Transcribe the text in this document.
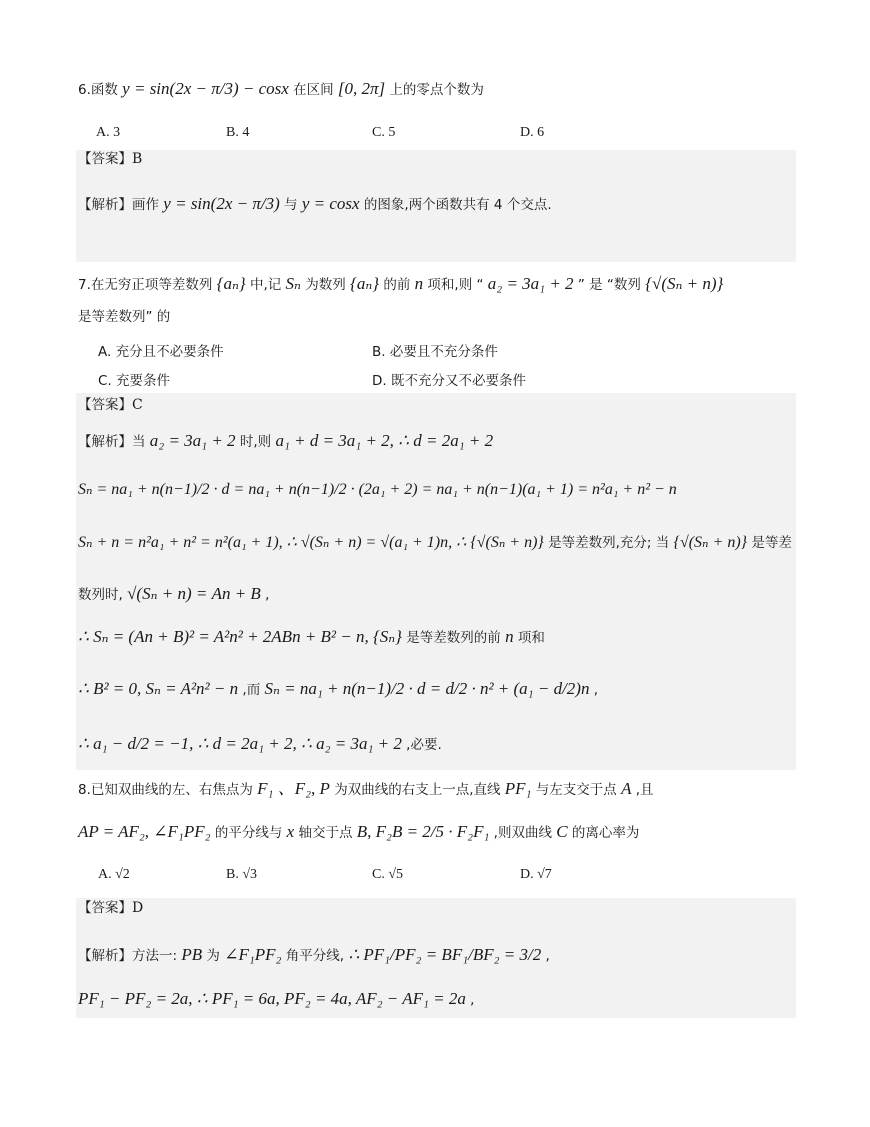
6.函数 y = sin(2x − π/3) − cosx 在区间 [0, 2π] 上的零点个数为
A. 3	B. 4	C. 5	D. 6
【答案】B
【解析】画作 y = sin(2x − π/3) 与 y = cosx 的图象,两个函数共有 4 个交点.
7.在无穷正项等差数列 {aₙ} 中,记 Sₙ 为数列 {aₙ} 的前 n 项和,则 “ a₂ = 3a₁ + 2 ” 是 “数列 {√(Sₙ + n)}
是等差数列” 的
A. 充分且不必要条件	B. 必要且不充分条件
C. 充要条件	D. 既不充分又不必要条件
【答案】C
【解析】当 a₂ = 3a₁ + 2 时,则 a₁ + d = 3a₁ + 2, ∴ d = 2a₁ + 2
Sₙ = na₁ + n(n−1)/2 · d = na₁ + n(n−1)/2 · (2a₁ + 2) = na₁ + n(n−1)(a₁ + 1) = n²a₁ + n² − n
Sₙ + n = n²a₁ + n² = n²(a₁ + 1), ∴ √(Sₙ + n) = √(a₁ + 1)n, ∴ {√(Sₙ + n)} 是等差数列,充分; 当 {√(Sₙ + n)} 是等差
数列时, √(Sₙ + n) = An + B ,
∴ Sₙ = (An + B)² = A²n² + 2ABn + B² − n, {Sₙ} 是等差数列的前 n 项和
∴ B² = 0, Sₙ = A²n² − n ,而 Sₙ = na₁ + n(n−1)/2 · d = d/2 · n² + (a₁ − d/2)n ,
∴ a₁ − d/2 = −1, ∴ d = 2a₁ + 2, ∴ a₂ = 3a₁ + 2 ,必要.
8.已知双曲线的左、右焦点为 F₁ 、F₂, P 为双曲线的右支上一点,直线 PF₁ 与左支交于点 A ,且
AP = AF₂, ∠F₁PF₂ 的平分线与 x 轴交于点 B, F₂B = 2/5 · F₂F₁ ,则双曲线 C 的离心率为
A. √2	B. √3	C. √5	D. √7
【答案】D
【解析】方法一: PB 为 ∠F₁PF₂ 角平分线, ∴ PF₁/PF₂ = BF₁/BF₂ = 3/2 ,
PF₁ − PF₂ = 2a, ∴ PF₁ = 6a, PF₂ = 4a, AF₂ − AF₁ = 2a ,
